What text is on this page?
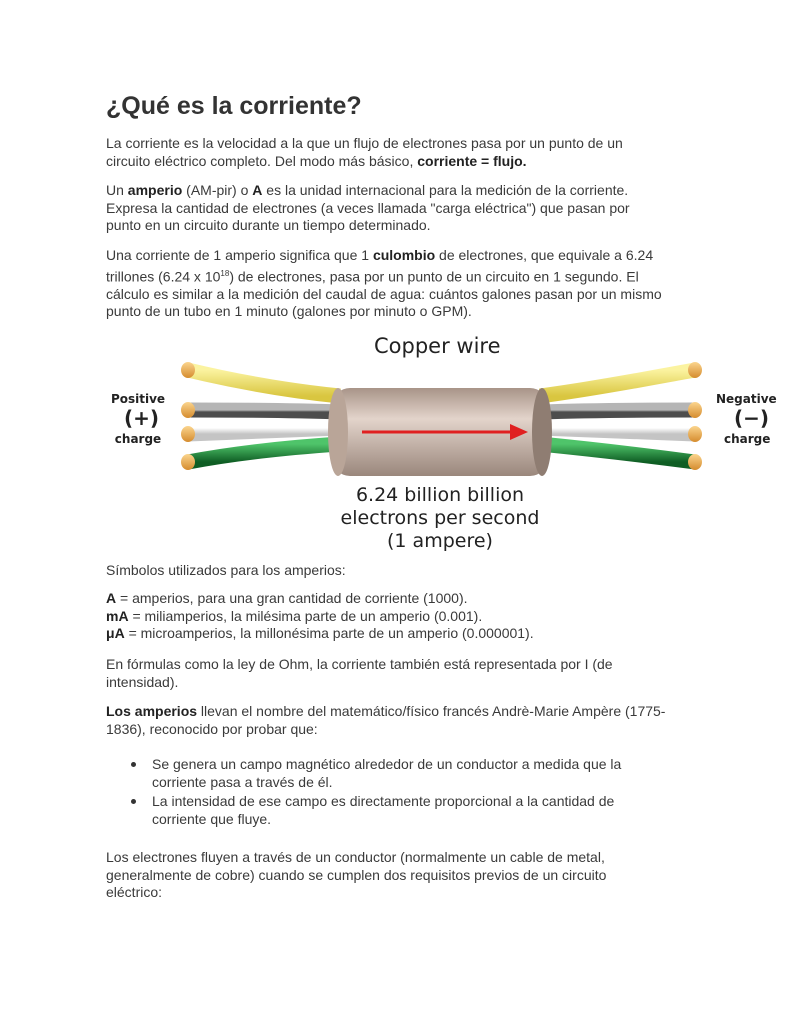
¿Qué es la corriente?

La corriente es la velocidad a la que un flujo de electrones pasa por un punto de un circuito eléctrico completo. Del modo más básico, corriente = flujo.

Un amperio (AM-pir) o A es la unidad internacional para la medición de la corriente. Expresa la cantidad de electrones (a veces llamada "carga eléctrica") que pasan por punto en un circuito durante un tiempo determinado.

Una corriente de 1 amperio significa que 1 culombio de electrones, que equivale a 6.24 trillones (6.24 x $10^{18}$) de electrones, pasa por un punto de un circuito en 1 segundo. El cálculo es similar a la medición del caudal de agua: cuántos galones pasan por un mismo punto de un tubo en 1 minuto (galones por minuto o GPM).

Símbolos utilizados para los amperios:

A = amperios, para una gran cantidad de corriente (1000).
mA = miliamperios, la milésima parte de un amperio (0.001).
μA = microamperios, la millonésima parte de un amperio (0.000001).

En fórmulas como la ley de Ohm, la corriente también está representada por I (de intensidad).

Los amperios llevan el nombre del matemático/físico francés Andrè-Marie Ampère (1775-1836), reconocido por probar que:

Se genera un campo magnético alrededor de un conductor a medida que la corriente pasa a través de él.
La intensidad de ese campo es directamente proporcional a la cantidad de corriente que fluye.

Los electrones fluyen a través de un conductor (normalmente un cable de metal, generalmente de cobre) cuando se cumplen dos requisitos previos de un circuito eléctrico:

Copper wire
Positive
(+)
charge
Negative
(−)
charge
6.24 billion billion
electrons per second
(1 ampere)
